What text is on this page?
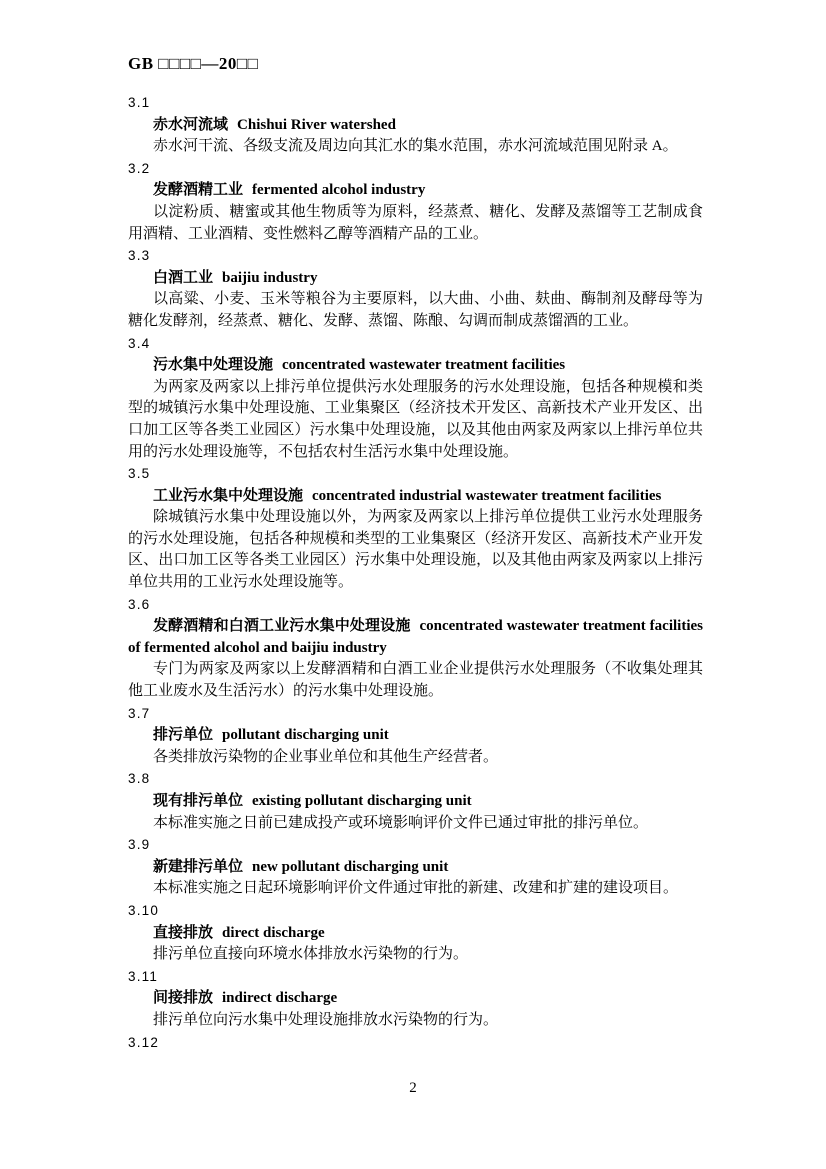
GB □□□□—20□□

3.1

赤水河流域 Chishui River watershed

赤水河干流、各级支流及周边向其汇水的集水范围，赤水河流域范围见附录 A。

3.2

发酵酒精工业 fermented alcohol industry

以淀粉质、糖蜜或其他生物质等为原料，经蒸煮、糖化、发酵及蒸馏等工艺制成食用酒精、工业酒精、变性燃料乙醇等酒精产品的工业。

3.3

白酒工业 baijiu industry

以高粱、小麦、玉米等粮谷为主要原料，以大曲、小曲、麸曲、酶制剂及酵母等为糖化发酵剂，经蒸煮、糖化、发酵、蒸馏、陈酿、勾调而制成蒸馏酒的工业。

3.4

污水集中处理设施 concentrated wastewater treatment facilities

为两家及两家以上排污单位提供污水处理服务的污水处理设施，包括各种规模和类型的城镇污水集中处理设施、工业集聚区（经济技术开发区、高新技术产业开发区、出口加工区等各类工业园区）污水集中处理设施，以及其他由两家及两家以上排污单位共用的污水处理设施等，不包括农村生活污水集中处理设施。

3.5

工业污水集中处理设施 concentrated industrial wastewater treatment facilities

除城镇污水集中处理设施以外，为两家及两家以上排污单位提供工业污水处理服务的污水处理设施，包括各种规模和类型的工业集聚区（经济开发区、高新技术产业开发区、出口加工区等各类工业园区）污水集中处理设施，以及其他由两家及两家以上排污单位共用的工业污水处理设施等。

3.6

发酵酒精和白酒工业污水集中处理设施 concentrated wastewater treatment facilities of fermented alcohol and baijiu industry

专门为两家及两家以上发酵酒精和白酒工业企业提供污水处理服务（不收集处理其他工业废水及生活污水）的污水集中处理设施。

3.7

排污单位 pollutant discharging unit

各类排放污染物的企业事业单位和其他生产经营者。

3.8

现有排污单位 existing pollutant discharging unit

本标准实施之日前已建成投产或环境影响评价文件已通过审批的排污单位。

3.9

新建排污单位 new pollutant discharging unit

本标准实施之日起环境影响评价文件通过审批的新建、改建和扩建的建设项目。

3.10

直接排放 direct discharge

排污单位直接向环境水体排放水污染物的行为。

3.11

间接排放 indirect discharge

排污单位向污水集中处理设施排放水污染物的行为。

3.12

2
